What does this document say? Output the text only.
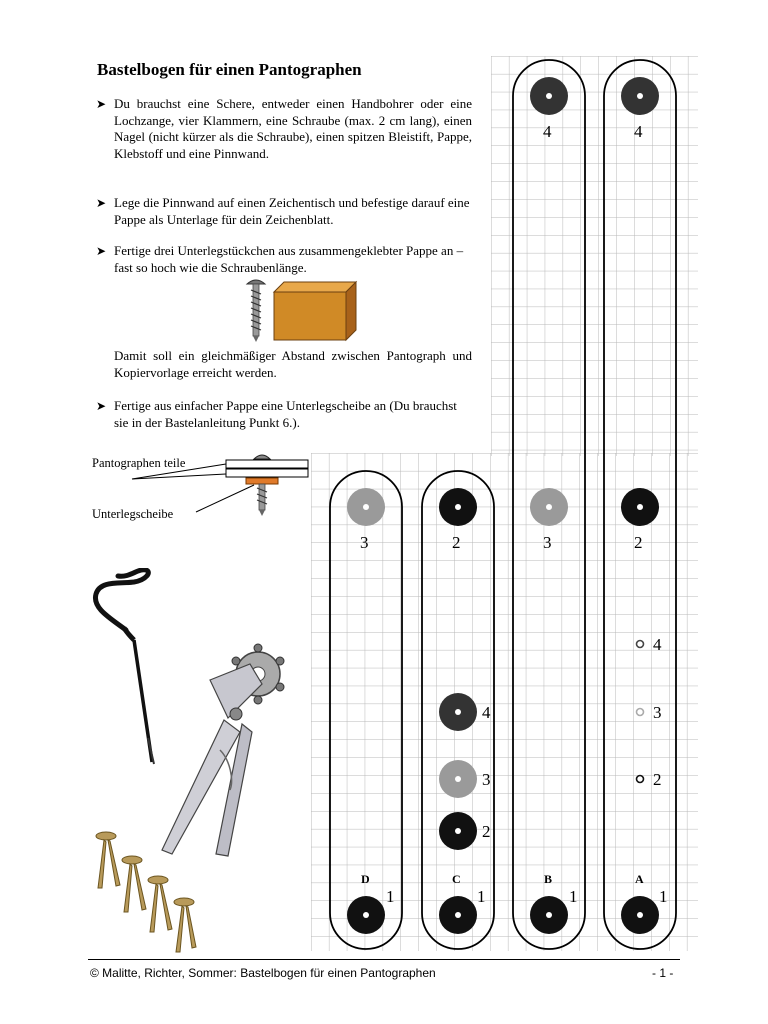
4	4
3	2	3	2
4
3
2
4
3
2
1	1	1	1
D	C	B	A
Bastelbogen für einen Pantographen
➤ Du brauchst eine Schere, entweder einen Handbohrer oder eine Lochzange, vier Klammern, eine Schraube (max. 2 cm lang), einen Nagel (nicht kürzer als die Schraube), einen spitzen Bleistift, Pappe, Klebstoff und eine Pinnwand.
➤ Lege die Pinnwand auf einen Zeichentisch und befestige darauf eine Pappe als Unterlage für dein Zeichenblatt.
➤ Fertige drei Unterlegstückchen aus zusammengeklebter Pappe an – fast so hoch wie die Schraubenlänge.
Damit soll ein gleichmäßiger Abstand zwischen Pantograph und Kopiervorlage erreicht werden.
➤ Fertige aus einfacher Pappe eine Unterlegscheibe an (Du brauchst sie in der Bastelanleitung Punkt 6.).
Pantographen teile
Unterlegscheibe
© Malitte, Richter, Sommer: Bastelbogen für einen Pantographen	- 1 -
